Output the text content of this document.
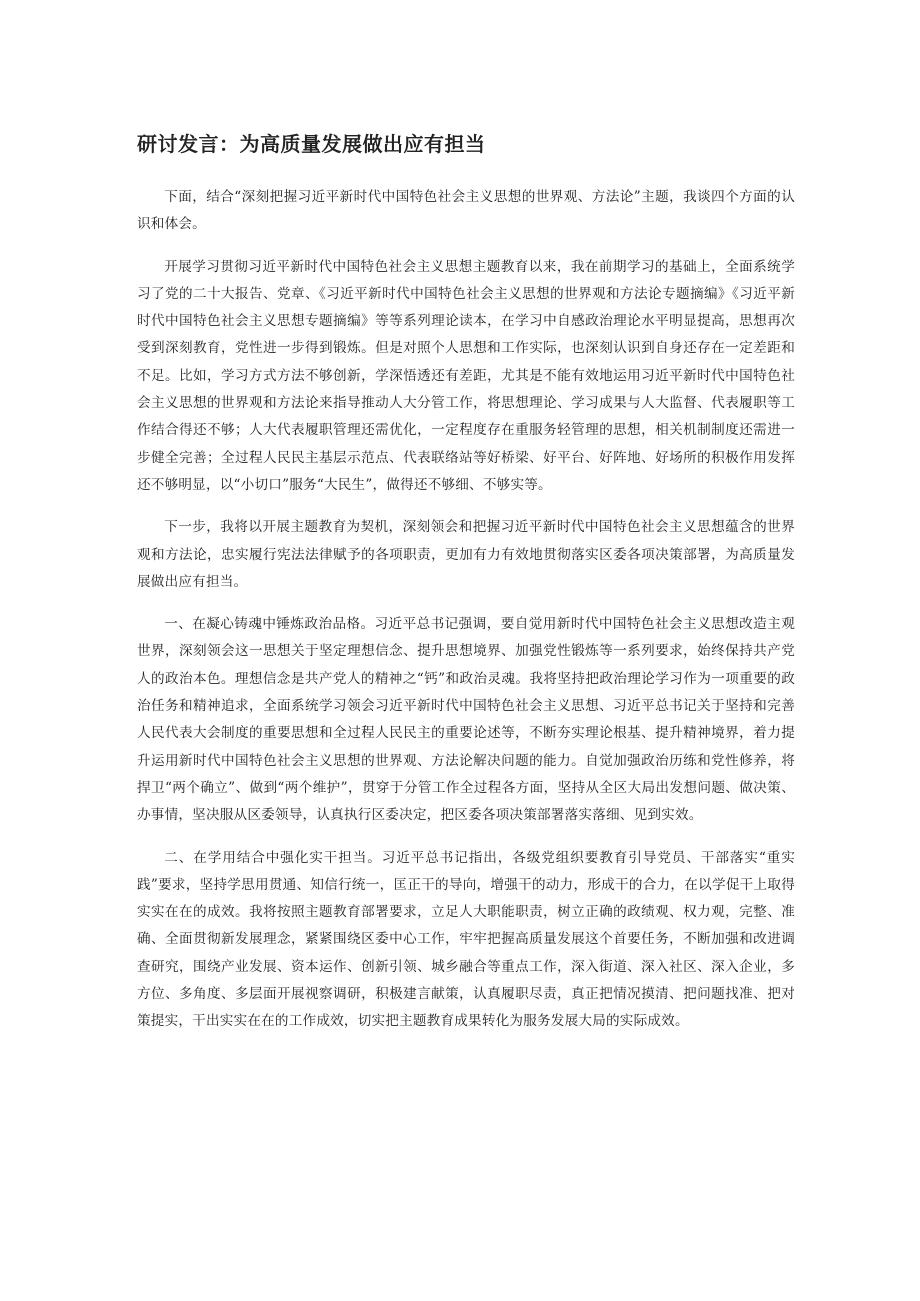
研讨发言：为高质量发展做出应有担当

下面，结合“深刻把握习近平新时代中国特色社会主义思想的世界观、方法论”主题，我谈四个方面的认识和体会。

开展学习贯彻习近平新时代中国特色社会主义思想主题教育以来，我在前期学习的基础上，全面系统学习了党的二十大报告、党章、《习近平新时代中国特色社会主义思想的世界观和方法论专题摘编》《习近平新时代中国特色社会主义思想专题摘编》等等系列理论读本，在学习中自感政治理论水平明显提高，思想再次受到深刻教育，党性进一步得到锻炼。但是对照个人思想和工作实际，也深刻认识到自身还存在一定差距和不足。比如，学习方式方法不够创新，学深悟透还有差距，尤其是不能有效地运用习近平新时代中国特色社会主义思想的世界观和方法论来指导推动人大分管工作，将思想理论、学习成果与人大监督、代表履职等工作结合得还不够；人大代表履职管理还需优化，一定程度存在重服务轻管理的思想，相关机制制度还需进一步健全完善；全过程人民民主基层示范点、代表联络站等好桥梁、好平台、好阵地、好场所的积极作用发挥还不够明显，以“小切口”服务“大民生”，做得还不够细、不够实等。

下一步，我将以开展主题教育为契机，深刻领会和把握习近平新时代中国特色社会主义思想蕴含的世界观和方法论，忠实履行宪法法律赋予的各项职责，更加有力有效地贯彻落实区委各项决策部署，为高质量发展做出应有担当。

一、在凝心铸魂中锤炼政治品格。习近平总书记强调，要自觉用新时代中国特色社会主义思想改造主观世界，深刻领会这一思想关于坚定理想信念、提升思想境界、加强党性锻炼等一系列要求，始终保持共产党人的政治本色。理想信念是共产党人的精神之“钙”和政治灵魂。我将坚持把政治理论学习作为一项重要的政治任务和精神追求，全面系统学习领会习近平新时代中国特色社会主义思想、习近平总书记关于坚持和完善人民代表大会制度的重要思想和全过程人民民主的重要论述等，不断夯实理论根基、提升精神境界，着力提升运用新时代中国特色社会主义思想的世界观、方法论解决问题的能力。自觉加强政治历练和党性修养，将捍卫“两个确立”、做到“两个维护”，贯穿于分管工作全过程各方面，坚持从全区大局出发想问题、做决策、办事情，坚决服从区委领导，认真执行区委决定，把区委各项决策部署落实落细、见到实效。

二、在学用结合中强化实干担当。习近平总书记指出，各级党组织要教育引导党员、干部落实“重实践”要求，坚持学思用贯通、知信行统一，匡正干的导向，增强干的动力，形成干的合力，在以学促干上取得实实在在的成效。我将按照主题教育部署要求，立足人大职能职责，树立正确的政绩观、权力观，完整、准确、全面贯彻新发展理念，紧紧围绕区委中心工作，牢牢把握高质量发展这个首要任务，不断加强和改进调查研究，围绕产业发展、资本运作、创新引领、城乡融合等重点工作，深入街道、深入社区、深入企业，多方位、多角度、多层面开展视察调研，积极建言献策，认真履职尽责，真正把情况摸清、把问题找准、把对策提实，干出实实在在的工作成效，切实把主题教育成果转化为服务发展大局的实际成效。
